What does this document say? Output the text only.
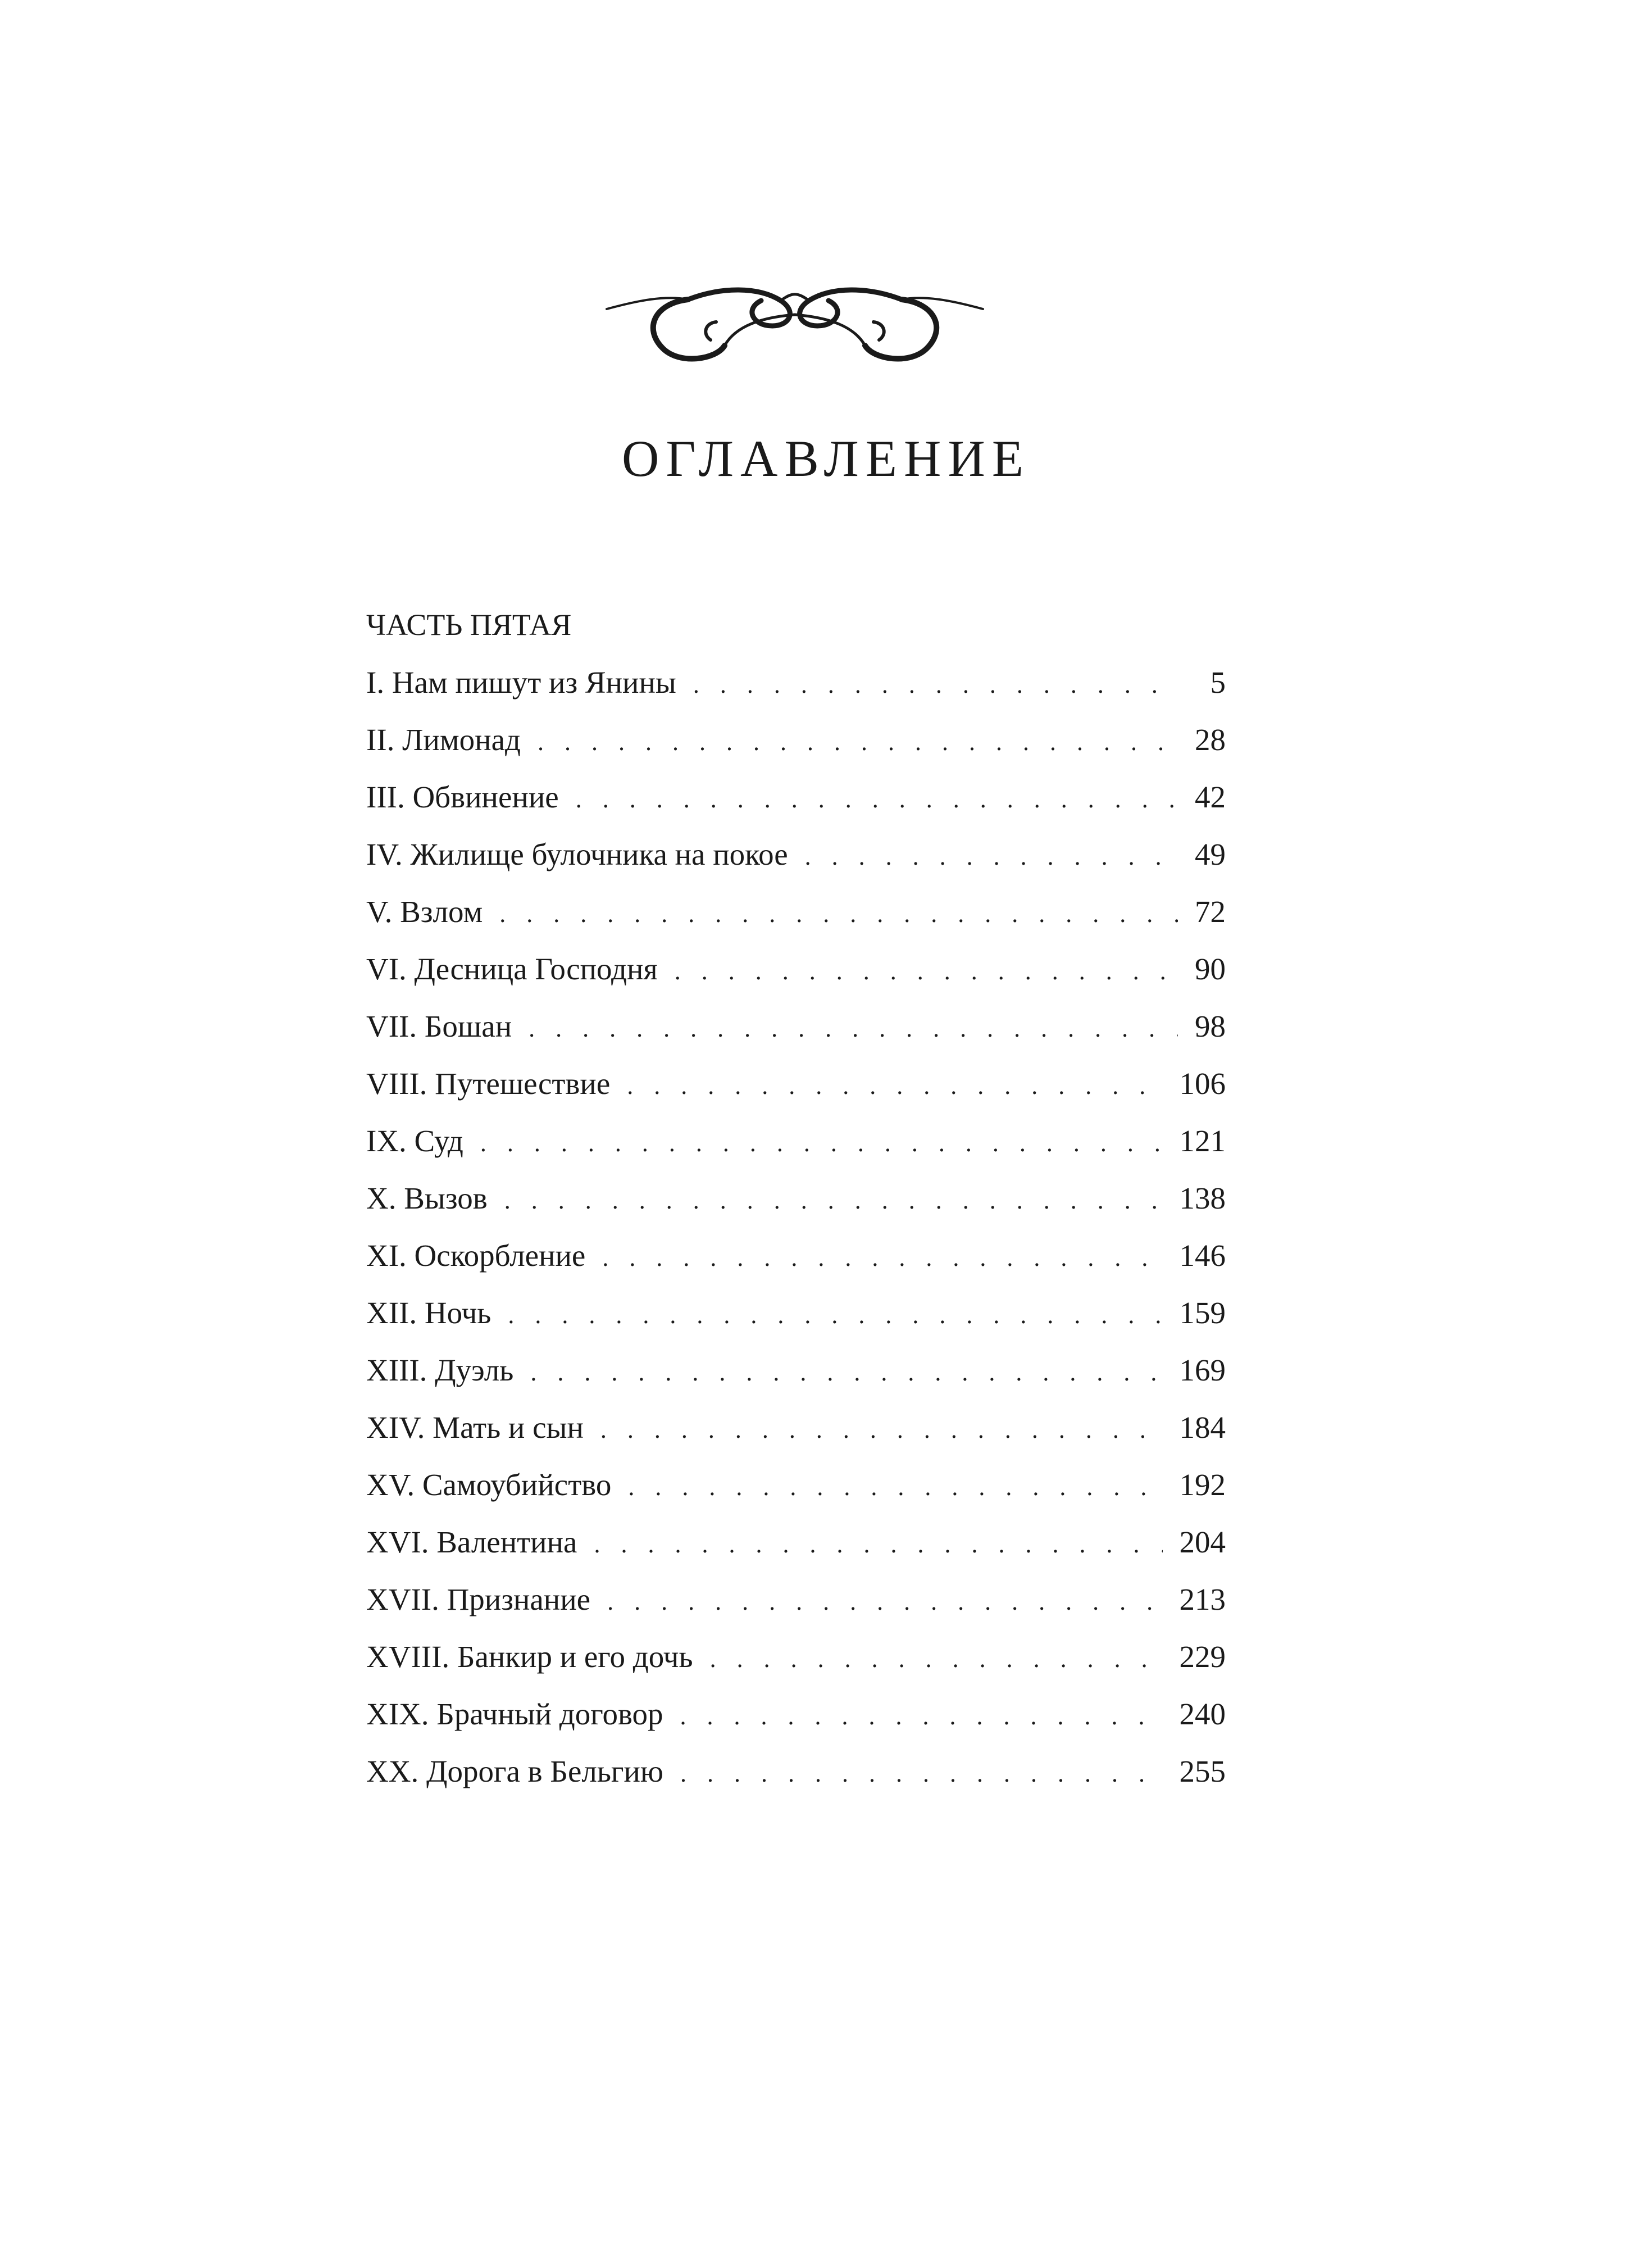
ОГЛАВЛЕНИЕ
ЧАСТЬ ПЯТАЯ
I. Нам пишут из Янины . . .	5
II. Лимонад . . .	28
III. Обвинение . . .	42
IV. Жилище булочника на покое . . .	49
V. Взлом . . .	72
VI. Десница Господня . . .	90
VII. Бошан . . .	98
VIII. Путешествие . . .	106
IX. Суд . . .	121
X. Вызов . . .	138
XI. Оскорбление . . .	146
XII. Ночь . . .	159
XIII. Дуэль . . .	169
XIV. Мать и сын . . .	184
XV. Самоубийство . . .	192
XVI. Валентина . . .	204
XVII. Признание . . .	213
XVIII. Банкир и его дочь . . .	229
XIX. Брачный договор . . .	240
XX. Дорога в Бельгию . . .	255
